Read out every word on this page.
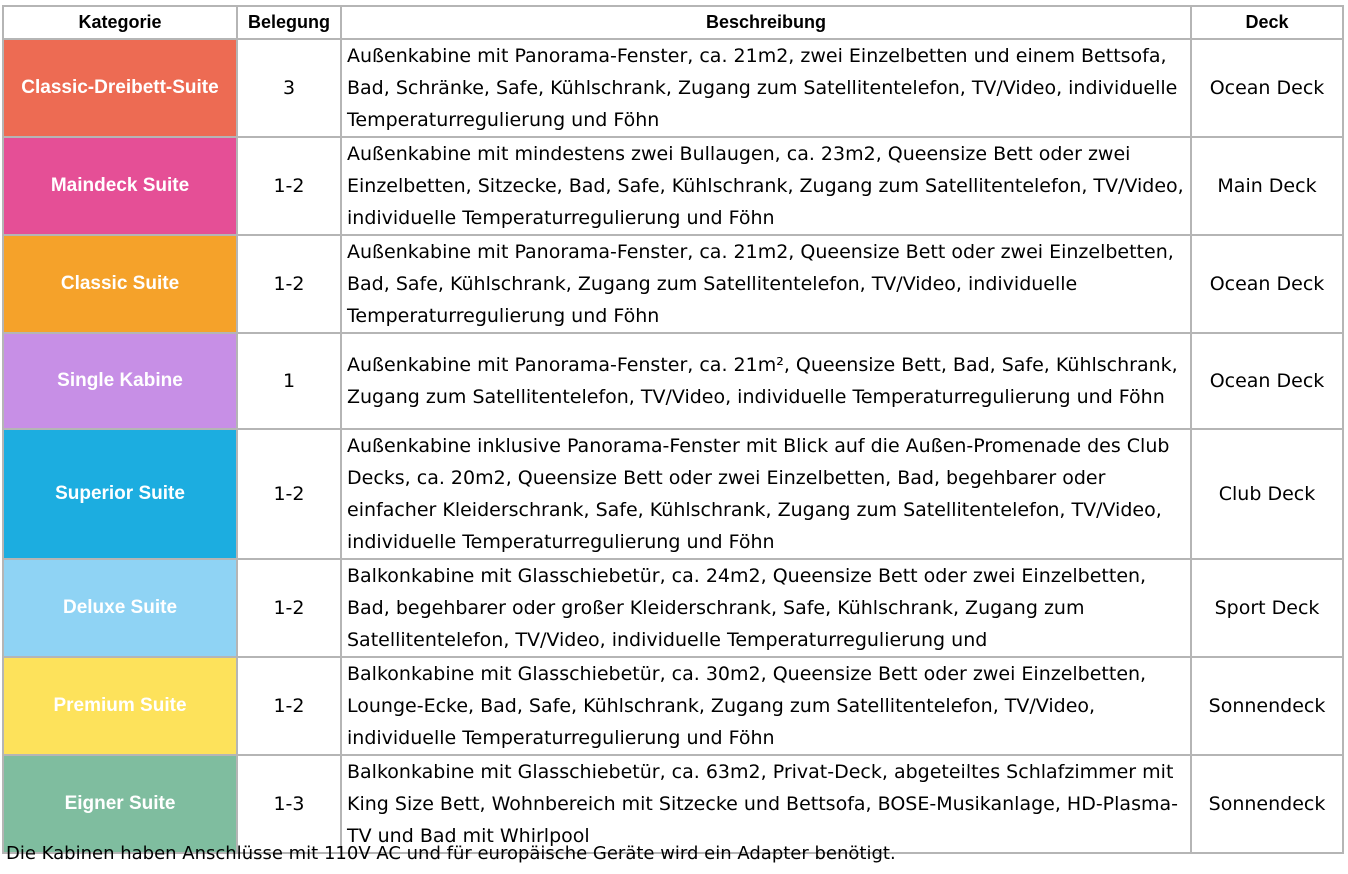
Kategorie	Belegung	Beschreibung	Deck
Classic-Dreibett-Suite	3	Außenkabine mit Panorama-Fenster, ca. 21m2, zwei Einzelbetten und einem Bettsofa, Bad, Schränke, Safe, Kühlschrank, Zugang zum Satellitentelefon, TV/Video, individuelle Temperaturregulierung und Föhn	Ocean Deck
Maindeck Suite	1-2	Außenkabine mit mindestens zwei Bullaugen, ca. 23m2, Queensize Bett oder zwei Einzelbetten, Sitzecke, Bad, Safe, Kühlschrank, Zugang zum Satellitentelefon, TV/Video, individuelle Temperaturregulierung und Föhn	Main Deck
Classic Suite	1-2	Außenkabine mit Panorama-Fenster, ca. 21m2, Queensize Bett oder zwei Einzelbetten, Bad, Safe, Kühlschrank, Zugang zum Satellitentelefon, TV/Video, individuelle Temperaturregulierung und Föhn	Ocean Deck
Single Kabine	1	Außenkabine mit Panorama-Fenster, ca. 21m², Queensize Bett, Bad, Safe, Kühlschrank, Zugang zum Satellitentelefon, TV/Video, individuelle Temperaturregulierung und Föhn	Ocean Deck
Superior Suite	1-2	Außenkabine inklusive Panorama-Fenster mit Blick auf die Außen-Promenade des Club Decks, ca. 20m2, Queensize Bett oder zwei Einzelbetten, Bad, begehbarer oder einfacher Kleiderschrank, Safe, Kühlschrank, Zugang zum Satellitentelefon, TV/Video, individuelle Temperaturregulierung und Föhn	Club Deck
Deluxe Suite	1-2	Balkonkabine mit Glasschiebetür, ca. 24m2, Queensize Bett oder zwei Einzelbetten, Bad, begehbarer oder großer Kleiderschrank, Safe, Kühlschrank, Zugang zum Satellitentelefon, TV/Video, individuelle Temperaturregulierung und	Sport Deck
Premium Suite	1-2	Balkonkabine mit Glasschiebetür, ca. 30m2, Queensize Bett oder zwei Einzelbetten, Lounge-Ecke, Bad, Safe, Kühlschrank, Zugang zum Satellitentelefon, TV/Video, individuelle Temperaturregulierung und Föhn	Sonnendeck
Eigner Suite	1-3	Balkonkabine mit Glasschiebetür, ca. 63m2, Privat-Deck, abgeteiltes Schlafzimmer mit King Size Bett, Wohnbereich mit Sitzecke und Bettsofa, BOSE-Musikanlage, HD-Plasma-TV und Bad mit Whirlpool	Sonnendeck
Die Kabinen haben Anschlüsse mit 110V AC und für europäische Geräte wird ein Adapter benötigt.
